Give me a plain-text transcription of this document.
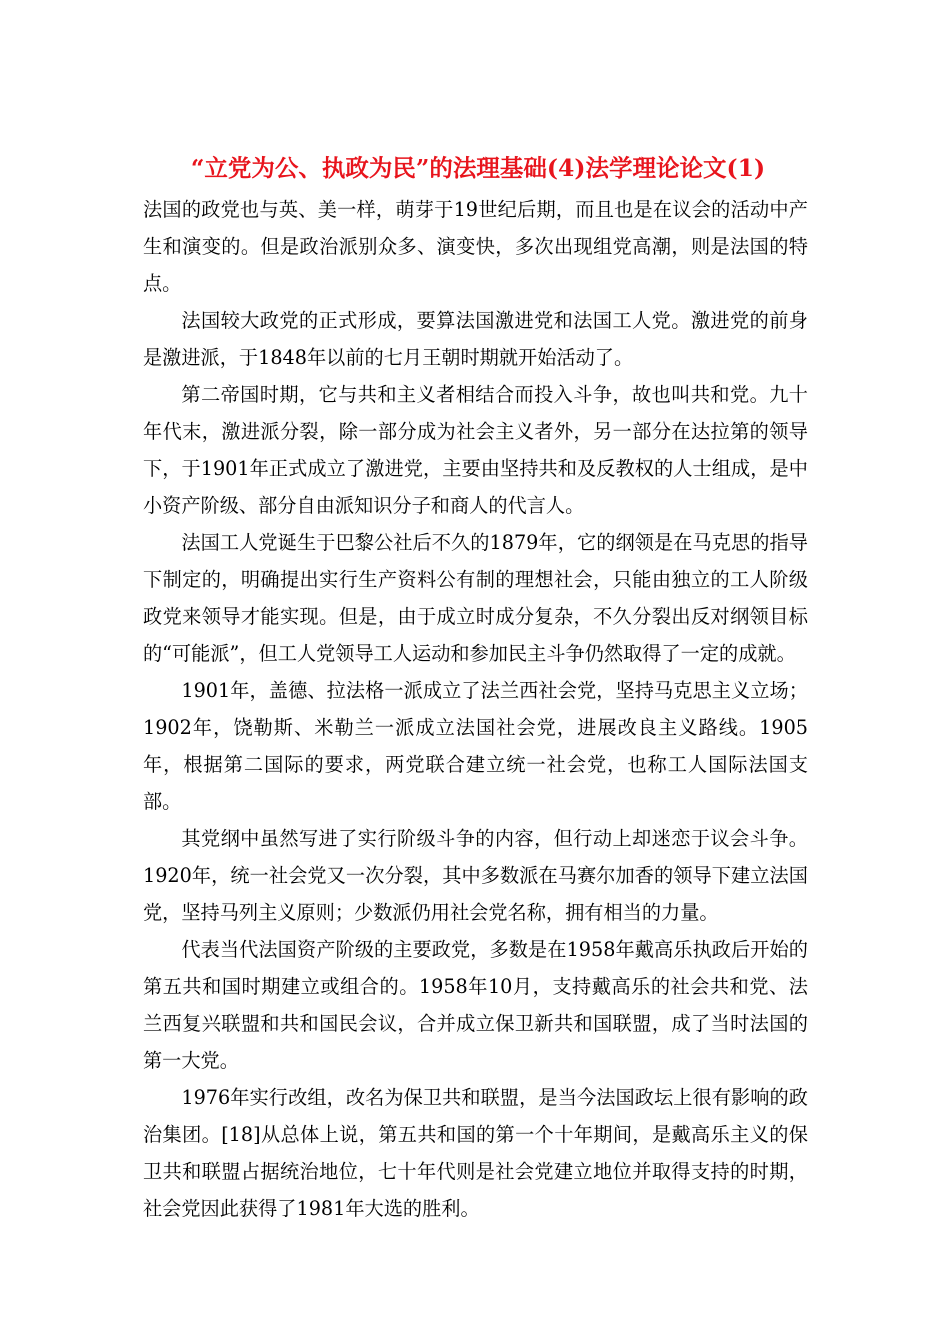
“立党为公、执政为民”的法理基础(4)法学理论论文(1)

法国的政党也与英、美一样，萌芽于19世纪后期，而且也是在议会的活动中产生和演变的。但是政治派别众多、演变快，多次出现组党高潮，则是法国的特点。

法国较大政党的正式形成，要算法国激进党和法国工人党。激进党的前身是激进派，于1848年以前的七月王朝时期就开始活动了。

第二帝国时期，它与共和主义者相结合而投入斗争，故也叫共和党。九十年代末，激进派分裂，除一部分成为社会主义者外，另一部分在达拉第的领导下，于1901年正式成立了激进党，主要由坚持共和及反教权的人士组成，是中小资产阶级、部分自由派知识分子和商人的代言人。

法国工人党诞生于巴黎公社后不久的1879年，它的纲领是在马克思的指导下制定的，明确提出实行生产资料公有制的理想社会，只能由独立的工人阶级政党来领导才能实现。但是，由于成立时成分复杂，不久分裂出反对纲领目标的“可能派”，但工人党领导工人运动和参加民主斗争仍然取得了一定的成就。

1901年，盖德、拉法格一派成立了法兰西社会党，坚持马克思主义立场；1902年，饶勒斯、米勒兰一派成立法国社会党，进展改良主义路线。1905年，根据第二国际的要求，两党联合建立统一社会党，也称工人国际法国支部。

其党纲中虽然写进了实行阶级斗争的内容，但行动上却迷恋于议会斗争。1920年，统一社会党又一次分裂，其中多数派在马赛尔加香的领导下建立法国党，坚持马列主义原则；少数派仍用社会党名称，拥有相当的力量。

代表当代法国资产阶级的主要政党，多数是在1958年戴高乐执政后开始的第五共和国时期建立或组合的。1958年10月，支持戴高乐的社会共和党、法兰西复兴联盟和共和国民会议，合并成立保卫新共和国联盟，成了当时法国的第一大党。

1976年实行改组，改名为保卫共和联盟，是当今法国政坛上很有影响的政治集团。[18]从总体上说，第五共和国的第一个十年期间，是戴高乐主义的保卫共和联盟占据统治地位，七十年代则是社会党建立地位并取得支持的时期，社会党因此获得了1981年大选的胜利。
